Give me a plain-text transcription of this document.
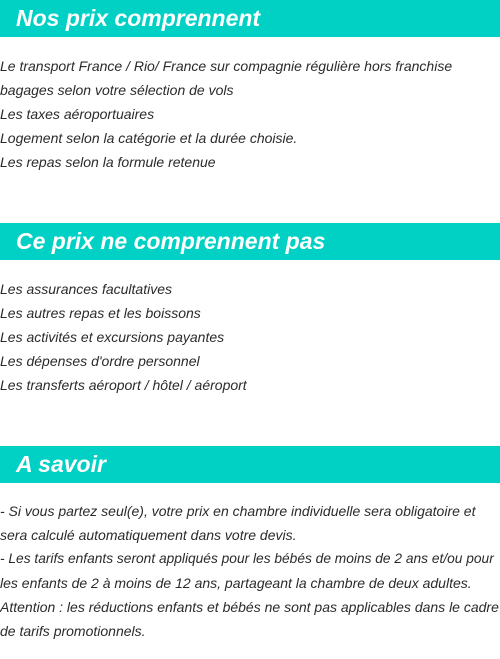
Nos prix comprennent
Le transport France / Rio/ France sur compagnie régulière hors franchise
bagages selon votre sélection de vols
Les taxes aéroportuaires
Logement selon la catégorie et la durée choisie.
Les repas selon la formule retenue
Ce prix ne comprennent pas
Les assurances facultatives
Les autres repas et les boissons
Les activités et excursions payantes
Les dépenses d'ordre personnel
Les transferts aéroport / hôtel / aéroport
A savoir
- Si vous partez seul(e), votre prix en chambre individuelle sera obligatoire et
sera calculé automatiquement dans votre devis.
- Les tarifs enfants seront appliqués pour les bébés de moins de 2 ans et/ou pour
les enfants de 2 à moins de 12 ans, partageant la chambre de deux adultes.
Attention : les réductions enfants et bébés ne sont pas applicables dans le cadre
de tarifs promotionnels.
